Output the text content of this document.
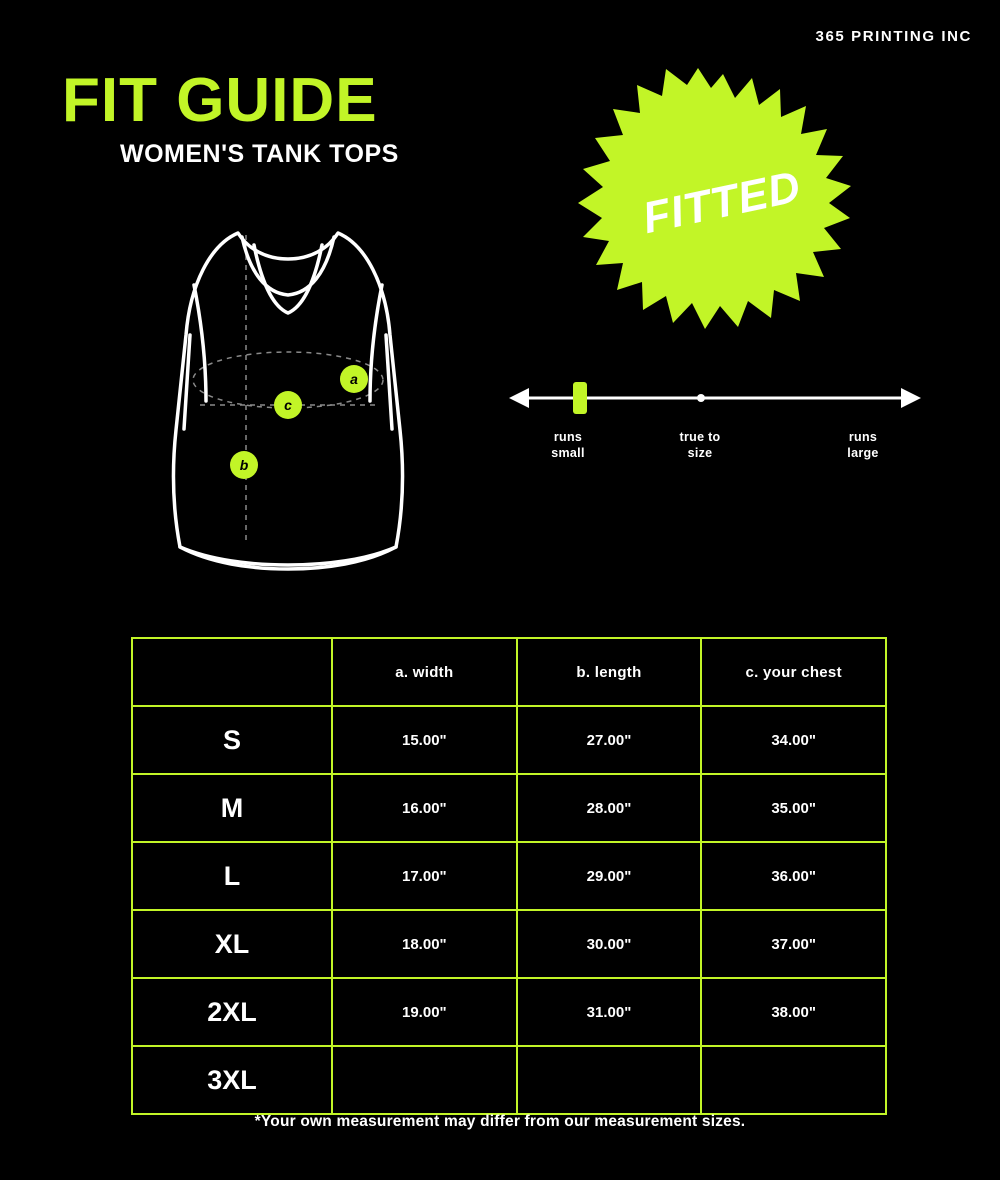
365 PRINTING INC
FIT GUIDE
WOMEN'S TANK TOPS
a
c
b
FITTED
runs
small
true to
size
runs
large
	a. width	b. length	c. your chest
S	15.00"	27.00"	34.00"
M	16.00"	28.00"	35.00"
L	17.00"	29.00"	36.00"
XL	18.00"	30.00"	37.00"
2XL	19.00"	31.00"	38.00"
3XL			
*Your own measurement may differ from our measurement sizes.
